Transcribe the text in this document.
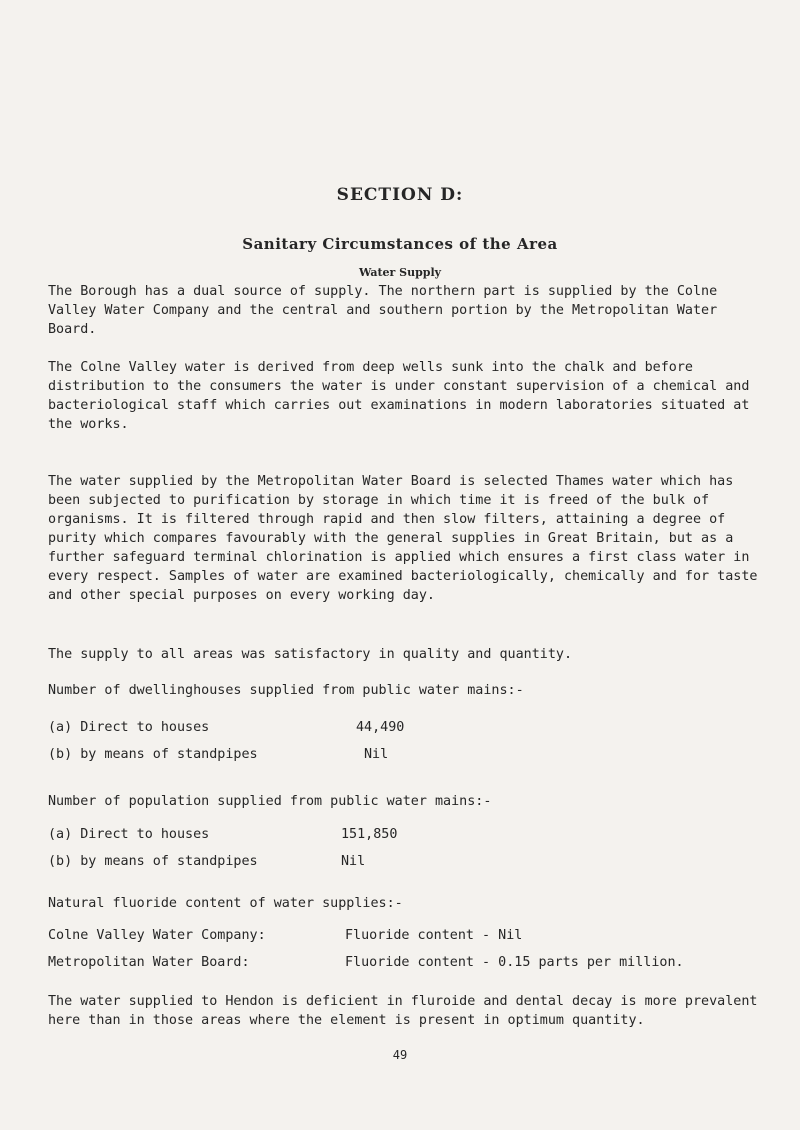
SECTION D:
Sanitary Circumstances of the Area
Water Supply

The Borough has a dual source of supply. The northern part is supplied by the Colne Valley Water Company and the central and southern portion by the Metropolitan Water Board.

The Colne Valley water is derived from deep wells sunk into the chalk and before distribution to the consumers the water is under constant supervision of a chemical and bacteriological staff which carries out examinations in modern laboratories situated at the works.

The water supplied by the Metropolitan Water Board is selected Thames water which has been subjected to purification by storage in which time it is freed of the bulk of organisms. It is filtered through rapid and then slow filters, attaining a degree of purity which compares favourably with the general supplies in Great Britain, but as a further safeguard terminal chlorination is applied which ensures a first class water in every respect. Samples of water are examined bacteriologically, chemically and for taste and other special purposes on every working day.

The supply to all areas was satisfactory in quality and quantity.

Number of dwellinghouses supplied from public water mains:-
(a) Direct to houses	44,490
(b) by means of standpipes	Nil
Number of population supplied from public water mains:-
(a) Direct to houses	151,850
(b) by means of standpipes	Nil
Natural fluoride content of water supplies:-
Colne Valley Water Company:	Fluoride content - Nil
Metropolitan Water Board:	Fluoride content - 0.15 parts per million.

The water supplied to Hendon is deficient in fluroide and dental decay is more prevalent here than in those areas where the element is present in optimum quantity.

49
